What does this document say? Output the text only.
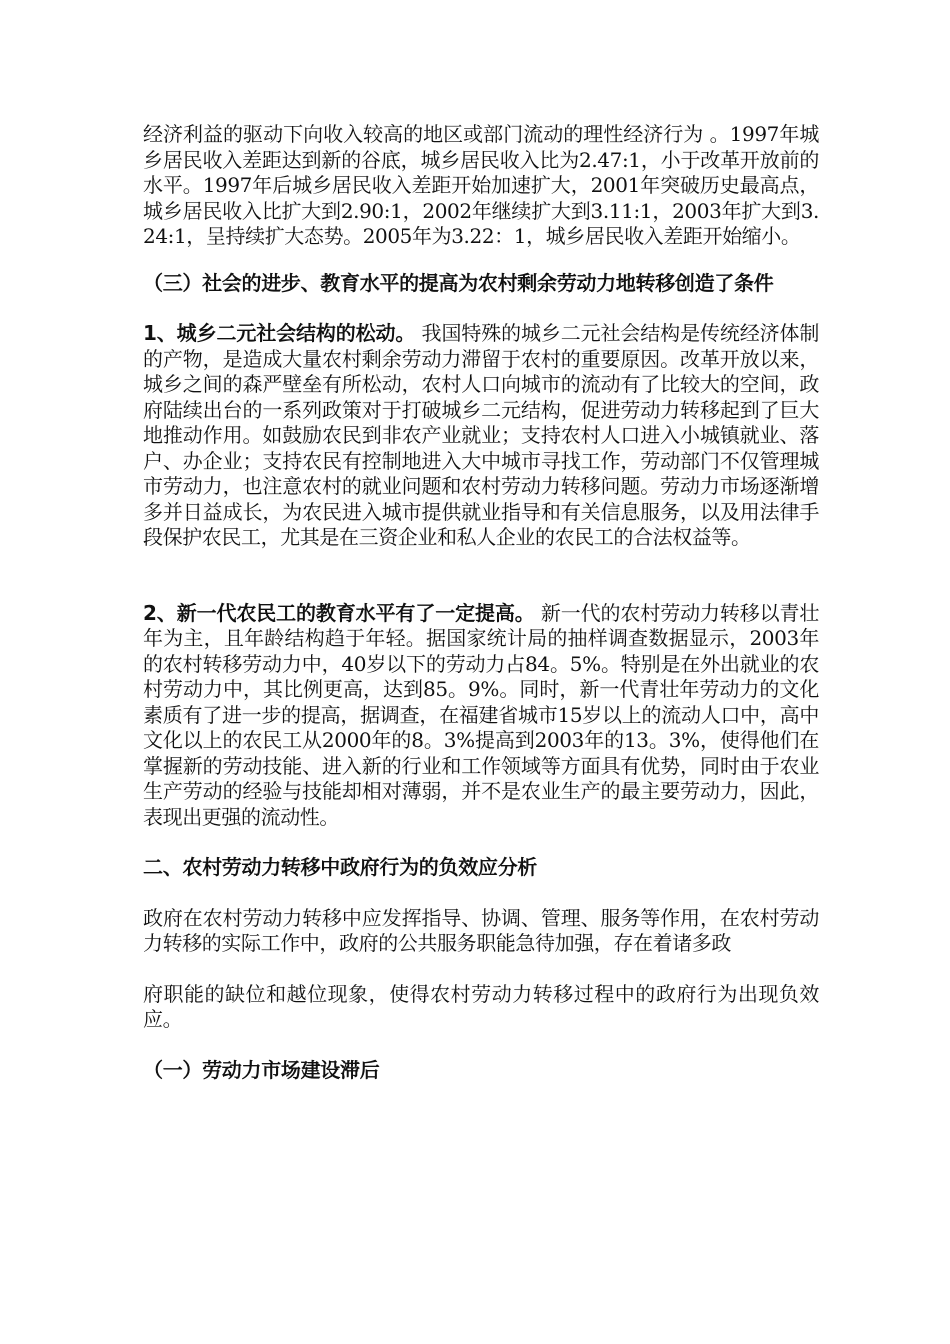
经济利益的驱动下向收入较高的地区或部门流动的理性经济行为 。1997年城乡居民收入差距达到新的谷底，城乡居民收入比为2.47:1，小于改革开放前的水平。1997年后城乡居民收入差距开始加速扩大，2001年突破历史最高点，城乡居民收入比扩大到2.90:1，2002年继续扩大到3.11:1，2003年扩大到3.24:1，呈持续扩大态势。2005年为3.22：1，城乡居民收入差距开始缩小。

（三）社会的进步、教育水平的提高为农村剩余劳动力地转移创造了条件

1、城乡二元社会结构的松动。 我国特殊的城乡二元社会结构是传统经济体制的产物，是造成大量农村剩余劳动力滞留于农村的重要原因。改革开放以来，城乡之间的森严壁垒有所松动，农村人口向城市的流动有了比较大的空间，政府陆续出台的一系列政策对于打破城乡二元结构，促进劳动力转移起到了巨大地推动作用。如鼓励农民到非农产业就业；支持农村人口进入小城镇就业、落户、办企业；支持农民有控制地进入大中城市寻找工作，劳动部门不仅管理城市劳动力，也注意农村的就业问题和农村劳动力转移问题。劳动力市场逐渐增多并日益成长，为农民进入城市提供就业指导和有关信息服务，以及用法律手段保护农民工，尤其是在三资企业和私人企业的农民工的合法权益等。

2、新一代农民工的教育水平有了一定提高。 新一代的农村劳动力转移以青壮年为主，且年龄结构趋于年轻。据国家统计局的抽样调查数据显示，2003年的农村转移劳动力中，40岁以下的劳动力占84。5%。特别是在外出就业的农村劳动力中，其比例更高，达到85。9%。同时，新一代青壮年劳动力的文化素质有了进一步的提高，据调查，在福建省城市15岁以上的流动人口中，高中文化以上的农民工从2000年的8。3%提高到2003年的13。3%，使得他们在掌握新的劳动技能、进入新的行业和工作领域等方面具有优势，同时由于农业生产劳动的经验与技能却相对薄弱，并不是农业生产的最主要劳动力，因此，表现出更强的流动性。

二、农村劳动力转移中政府行为的负效应分析

政府在农村劳动力转移中应发挥指导、协调、管理、服务等作用，在农村劳动力转移的实际工作中，政府的公共服务职能急待加强，存在着诸多政

府职能的缺位和越位现象，使得农村劳动力转移过程中的政府行为出现负效应。

（一）劳动力市场建设滞后
